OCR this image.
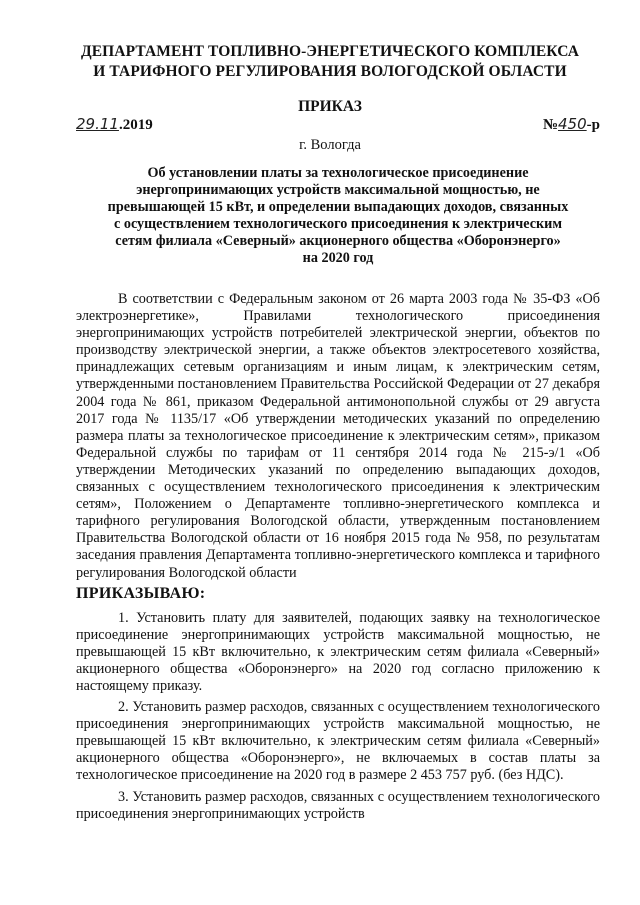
ДЕПАРТАМЕНТ ТОПЛИВНО-ЭНЕРГЕТИЧЕСКОГО КОМПЛЕКСА
И ТАРИФНОГО РЕГУЛИРОВАНИЯ ВОЛОГОДСКОЙ ОБЛАСТИ
ПРИКАЗ
29.11.2019	№450-р
г. Вологда
Об установлении платы за технологическое присоединение
энергопринимающих устройств максимальной мощностью, не
превышающей 15 кВт, и определении выпадающих доходов, связанных
с осуществлением технологического присоединения к электрическим
сетям филиала «Северный» акционерного общества «Оборонэнерго»
на 2020 год

В соответствии с Федеральным законом от 26 марта 2003 года № 35-ФЗ «Об электроэнергетике», Правилами технологического присоединения энергопринимающих устройств потребителей электрической энергии, объектов по производству электрической энергии, а также объектов электросетевого хозяйства, принадлежащих сетевым организациям и иным лицам, к электрическим сетям, утвержденными постановлением Правительства Российской Федерации от 27 декабря 2004 года № 861, приказом Федеральной антимонопольной службы от 29 августа 2017 года № 1135/17 «Об утверждении методических указаний по определению размера платы за технологическое присоединение к электрическим сетям», приказом Федеральной службы по тарифам от 11 сентября 2014 года № 215-э/1 «Об утверждении Методических указаний по определению выпадающих доходов, связанных с осуществлением технологического присоединения к электрическим сетям», Положением о Департаменте топливно-энергетического комплекса и тарифного регулирования Вологодской области, утвержденным постановлением Правительства Вологодской области от 16 ноября 2015 года № 958, по результатам заседания правления Департамента топливно-энергетического комплекса и тарифного регулирования Вологодской области

ПРИКАЗЫВАЮ:

1. Установить плату для заявителей, подающих заявку на технологическое присоединение энергопринимающих устройств максимальной мощностью, не превышающей 15 кВт включительно, к электрическим сетям филиала «Северный» акционерного общества «Оборонэнерго» на 2020 год согласно приложению к настоящему приказу.

2. Установить размер расходов, связанных с осуществлением технологического присоединения энергопринимающих устройств максимальной мощностью, не превышающей 15 кВт включительно, к электрическим сетям филиала «Северный» акционерного общества «Оборонэнерго», не включаемых в состав платы за технологическое присоединение на 2020 год в размере 2 453 757 руб. (без НДС).

3. Установить размер расходов, связанных с осуществлением технологического присоединения энергопринимающих устройств
